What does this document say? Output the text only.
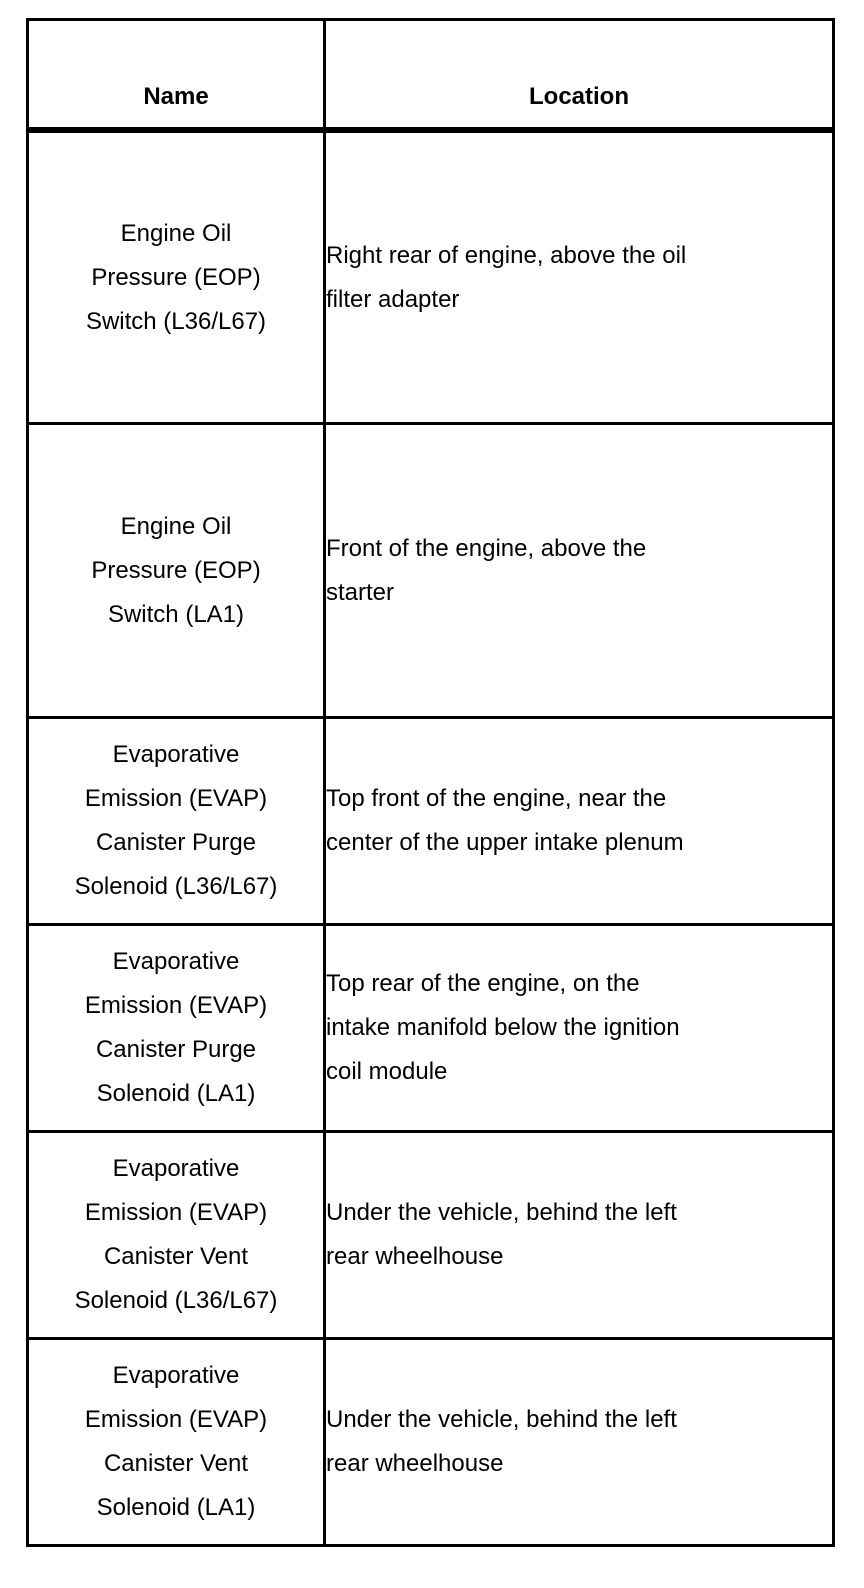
Name	Location

Engine Oil
Pressure (EOP)
Switch (L36/L67)	Right rear of engine, above the oil
filter adapter

Engine Oil
Pressure (EOP)
Switch (LA1)	Front of the engine, above the
starter

Evaporative
Emission (EVAP)
Canister Purge
Solenoid (L36/L67)	Top front of the engine, near the
center of the upper intake plenum

Evaporative
Emission (EVAP)
Canister Purge
Solenoid (LA1)	Top rear of the engine, on the
intake manifold below the ignition
coil module

Evaporative
Emission (EVAP)
Canister Vent
Solenoid (L36/L67)	Under the vehicle, behind the left
rear wheelhouse

Evaporative
Emission (EVAP)
Canister Vent
Solenoid (LA1)	Under the vehicle, behind the left
rear wheelhouse
